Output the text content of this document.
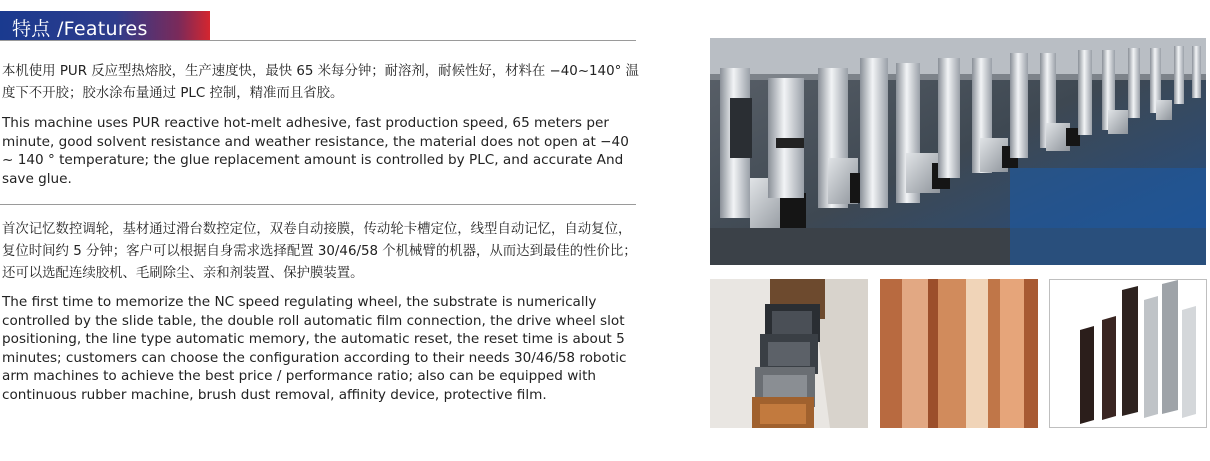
特点 /Features

本机使用 PUR 反应型热熔胶，生产速度快，最快 65 米每分钟；耐溶剂，耐候性好，材料在 −40~140° 温度下不开胶；胶水涂布量通过 PLC 控制，精准而且省胶。

This machine uses PUR reactive hot-melt adhesive, fast production speed, 65 meters per minute, good solvent resistance and weather resistance, the material does not open at −40 ~ 140 ° temperature; the glue replacement amount is controlled by PLC, and accurate And save glue.

首次记忆数控调轮，基材通过滑台数控定位，双卷自动接膜，传动轮卡槽定位，线型自动记忆，自动复位，复位时间约 5 分钟；客户可以根据自身需求选择配置 30/46/58 个机械臂的机器，从而达到最佳的性价比；还可以选配连续胶机、毛刷除尘、亲和剂装置、保护膜装置。

The first time to memorize the NC speed regulating wheel, the substrate is numerically controlled by the slide table, the double roll automatic film connection, the drive wheel slot positioning, the line type automatic memory, the automatic reset, the reset time is about 5 minutes; customers can choose the configuration according to their needs 30/46/58 robotic arm machines to achieve the best price / performance ratio; also can be equipped with continuous rubber machine, brush dust removal, affinity device, protective film.
